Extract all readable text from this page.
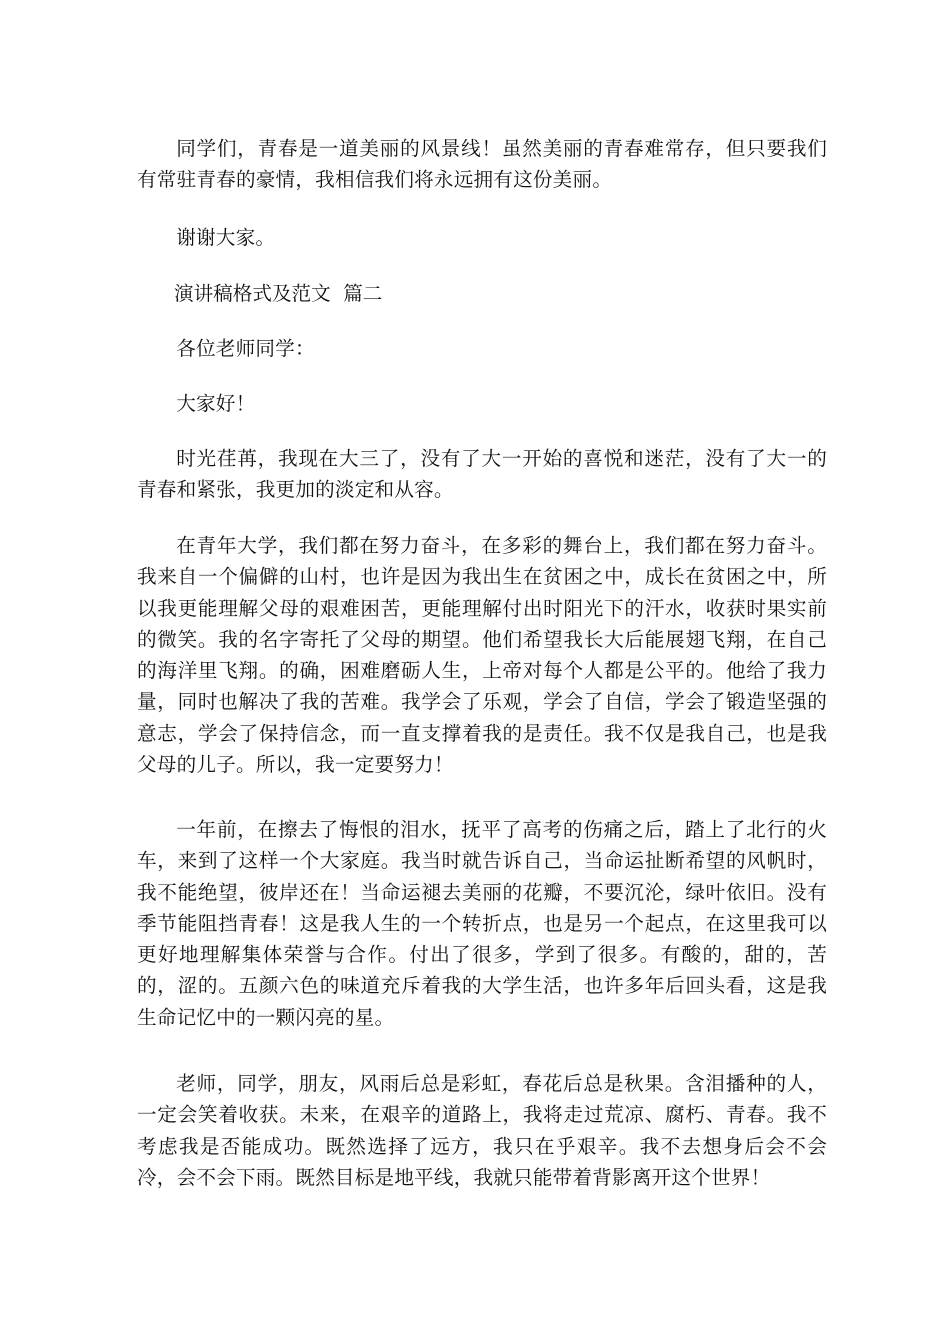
同学们，青春是一道美丽的风景线！虽然美丽的青春难常存，但只要我们有常驻青春的豪情，我相信我们将永远拥有这份美丽。

谢谢大家。

演讲稿格式及范文  篇二

各位老师同学：

大家好！

时光荏苒，我现在大三了，没有了大一开始的喜悦和迷茫，没有了大一的青春和紧张，我更加的淡定和从容。

在青年大学，我们都在努力奋斗，在多彩的舞台上，我们都在努力奋斗。我来自一个偏僻的山村，也许是因为我出生在贫困之中，成长在贫困之中，所以我更能理解父母的艰难困苦，更能理解付出时阳光下的汗水，收获时果实前的微笑。我的名字寄托了父母的期望。他们希望我长大后能展翅飞翔，在自己的海洋里飞翔。的确，困难磨砺人生，上帝对每个人都是公平的。他给了我力量，同时也解决了我的苦难。我学会了乐观，学会了自信，学会了锻造坚强的意志，学会了保持信念，而一直支撑着我的是责任。我不仅是我自己，也是我父母的儿子。所以，我一定要努力！

一年前，在擦去了悔恨的泪水，抚平了高考的伤痛之后，踏上了北行的火车，来到了这样一个大家庭。我当时就告诉自己，当命运扯断希望的风帆时，我不能绝望，彼岸还在！当命运褪去美丽的花瓣，不要沉沦，绿叶依旧。没有季节能阻挡青春！这是我人生的一个转折点，也是另一个起点，在这里我可以更好地理解集体荣誉与合作。付出了很多，学到了很多。有酸的，甜的，苦的，涩的。五颜六色的味道充斥着我的大学生活，也许多年后回头看，这是我生命记忆中的一颗闪亮的星。

老师，同学，朋友，风雨后总是彩虹，春花后总是秋果。含泪播种的人，一定会笑着收获。未来，在艰辛的道路上，我将走过荒凉、腐朽、青春。我不考虑我是否能成功。既然选择了远方，我只在乎艰辛。我不去想身后会不会冷，会不会下雨。既然目标是地平线，我就只能带着背影离开这个世界！
